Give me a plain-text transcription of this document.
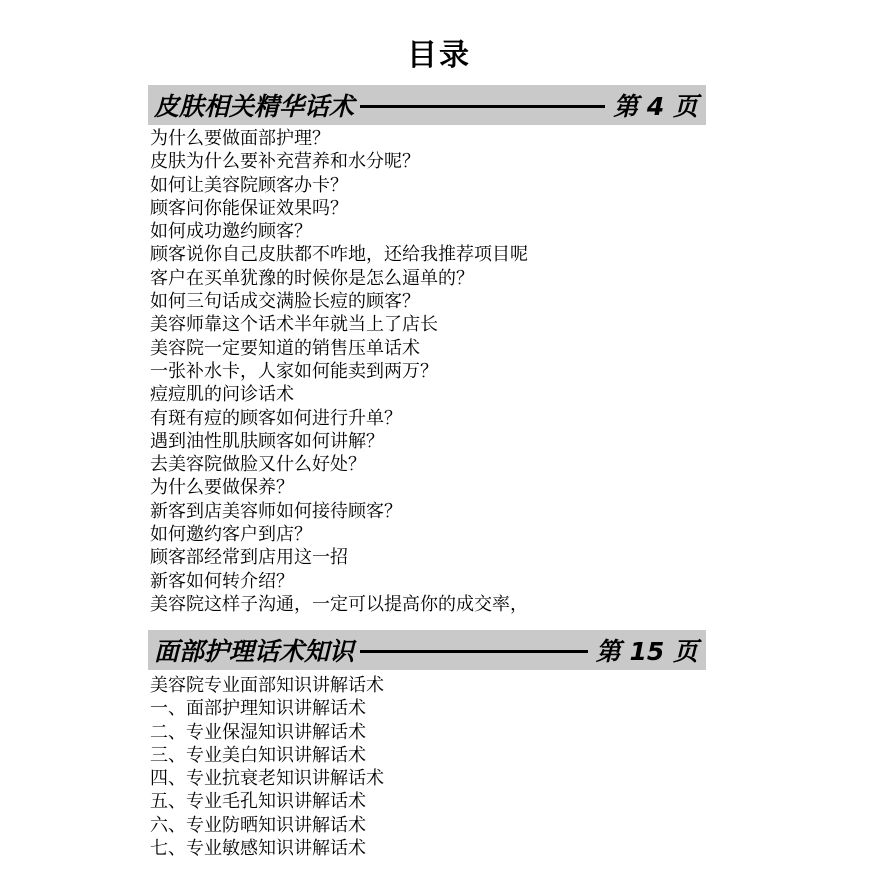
目录
皮肤相关精华话术	第 4 页
为什么要做面部护理？
皮肤为什么要补充营养和水分呢？
如何让美容院顾客办卡？
顾客问你能保证效果吗？
如何成功邀约顾客？
顾客说你自己皮肤都不咋地，还给我推荐项目呢
客户在买单犹豫的时候你是怎么逼单的？
如何三句话成交满脸长痘的顾客？
美容师靠这个话术半年就当上了店长
美容院一定要知道的销售压单话术
一张补水卡，人家如何能卖到两万？
痘痘肌的问诊话术
有斑有痘的顾客如何进行升单？
遇到油性肌肤顾客如何讲解？
去美容院做脸又什么好处？
为什么要做保养？
新客到店美容师如何接待顾客？
如何邀约客户到店？
顾客部经常到店用这一招
新客如何转介绍？
美容院这样子沟通，一定可以提高你的成交率，
面部护理话术知识	第 15 页
美容院专业面部知识讲解话术
一、面部护理知识讲解话术
二、专业保湿知识讲解话术
三、专业美白知识讲解话术
四、专业抗衰老知识讲解话术
五、专业毛孔知识讲解话术
六、专业防晒知识讲解话术
七、专业敏感知识讲解话术
